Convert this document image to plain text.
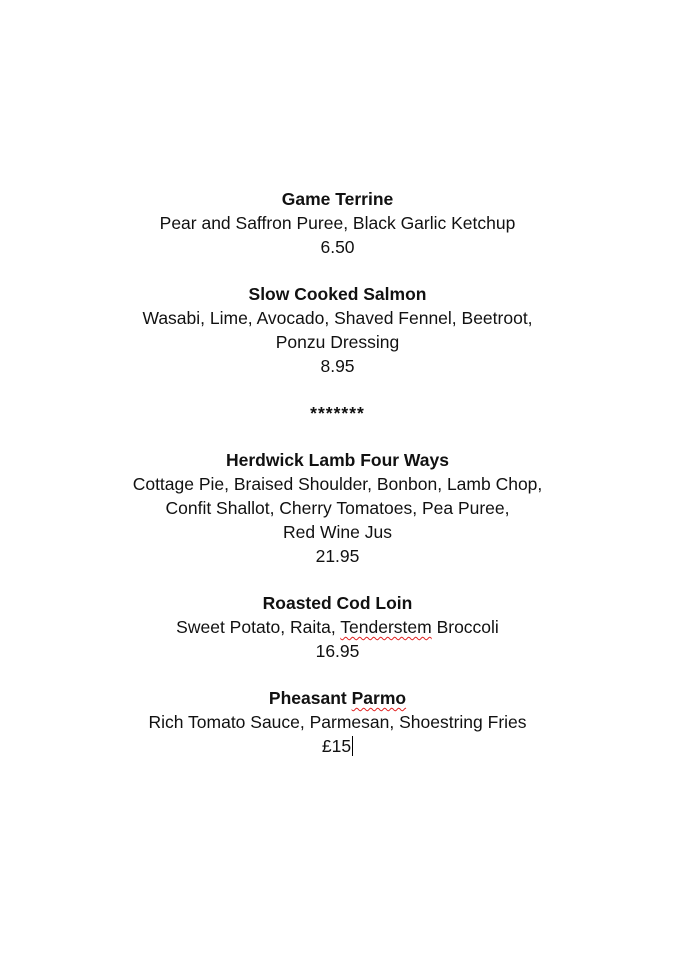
Game Terrine
Pear and Saffron Puree, Black Garlic Ketchup
6.50
Slow Cooked Salmon
Wasabi, Lime, Avocado, Shaved Fennel, Beetroot,
Ponzu Dressing
8.95
*******
Herdwick Lamb Four Ways
Cottage Pie, Braised Shoulder, Bonbon, Lamb Chop,
Confit Shallot, Cherry Tomatoes, Pea Puree,
Red Wine Jus
21.95
Roasted Cod Loin
Sweet Potato, Raita, Tenderstem Broccoli
16.95
Pheasant Parmo
Rich Tomato Sauce, Parmesan, Shoestring Fries
£15
